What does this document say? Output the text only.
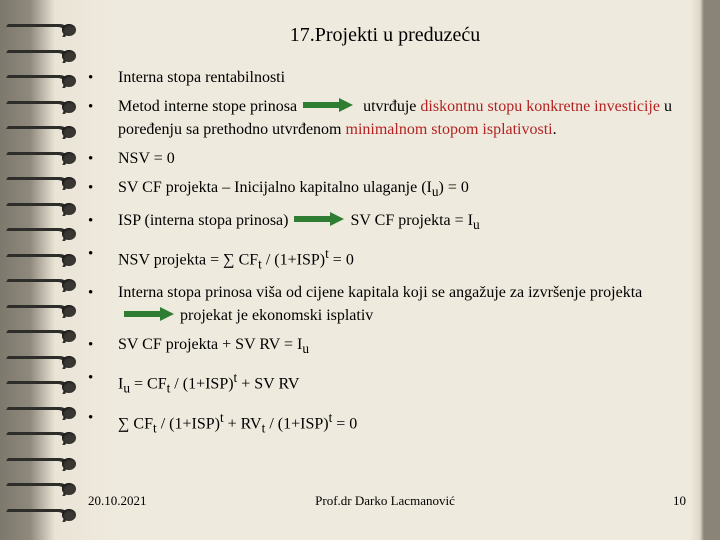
17.Projekti u preduzeću
• Interna stopa rentabilnosti
• Metod interne stope prinosa	utvrđuje diskontnu stopu konkretne investicije u poređenju sa prethodno utvrđenom minimalnom stopom isplativosti.
• NSV = 0
• SV CF projekta – Inicijalno kapitalno ulaganje $(I_u) = 0$
• ISP (interna stopa prinosa)	SV CF projekta = $I_u$
• NSV projekta = ∑ $CF_t / (1+ISP)^t = 0$
• Interna stopa prinosa viša od cijene kapitala koji se angažuje za izvršenje projekta
projekat je ekonomski isplativ
• SV CF projekta + SV RV = $I_u$
• $I_u = CF_t / (1+ISP)^t$ + SV RV
• ∑ $CF_t / (1+ISP)^t + RV_t / (1+ISP)^t = 0$
20.10.2021	Prof.dr Darko Lacmanović	10
